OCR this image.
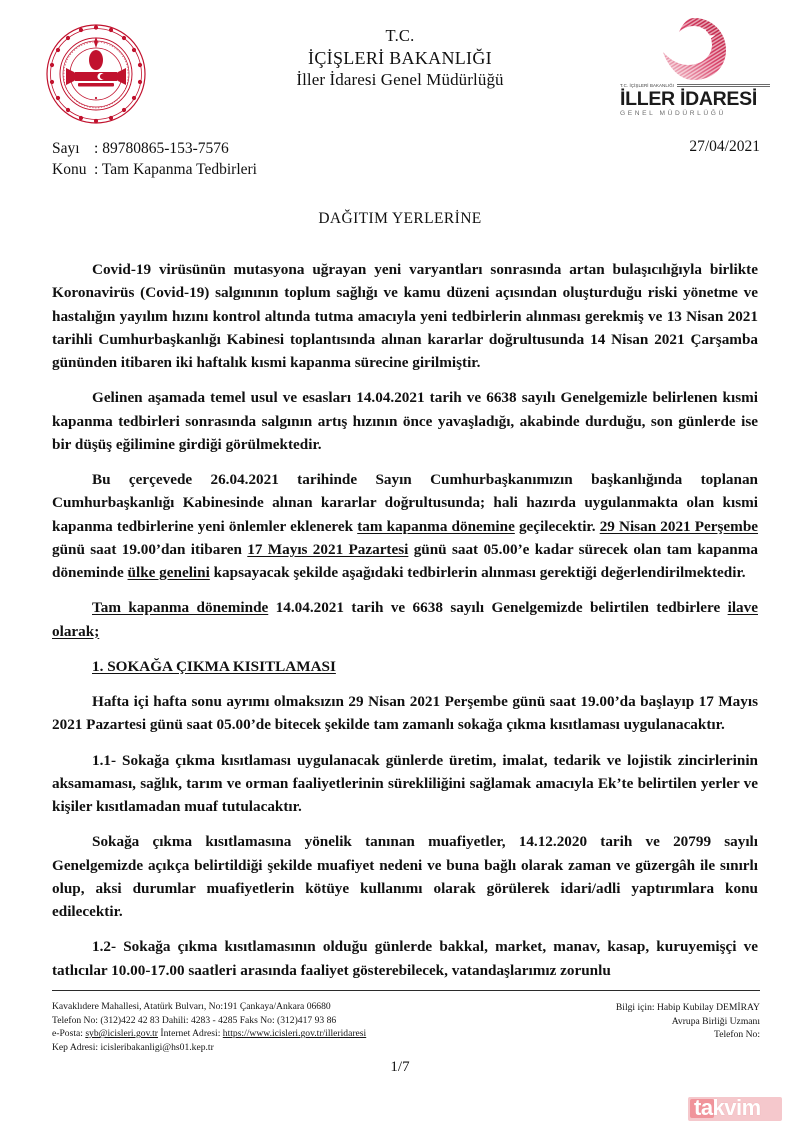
T.C.
İÇİŞLERİ BAKANLIĞI
İller İdaresi Genel Müdürlüğü	T.C. İÇİŞLERİ BAKANLIĞI
İLLER İDARESİ
GENEL MÜDÜRLÜĞÜ
Sayı : 89780865-153-7576
Konu : Tam Kapanma Tedbirleri
27/04/2021
DAĞITIM YERLERİNE

Covid-19 virüsünün mutasyona uğrayan yeni varyantları sonrasında artan bulaşıcılığıyla birlikte Koronavirüs (Covid-19) salgınının toplum sağlığı ve kamu düzeni açısından oluşturduğu riski yönetme ve hastalığın yayılım hızını kontrol altında tutma amacıyla yeni tedbirlerin alınması gerekmiş ve 13 Nisan 2021 tarihli Cumhurbaşkanlığı Kabinesi toplantısında alınan kararlar doğrultusunda 14 Nisan 2021 Çarşamba gününden itibaren iki haftalık kısmi kapanma sürecine girilmiştir.

Gelinen aşamada temel usul ve esasları 14.04.2021 tarih ve 6638 sayılı Genelgemizle belirlenen kısmi kapanma tedbirleri sonrasında salgının artış hızının önce yavaşladığı, akabinde durduğu, son günlerde ise bir düşüş eğilimine girdiği görülmektedir.

Bu çerçevede 26.04.2021 tarihinde Sayın Cumhurbaşkanımızın başkanlığında toplanan Cumhurbaşkanlığı Kabinesinde alınan kararlar doğrultusunda; hali hazırda uygulanmakta olan kısmi kapanma tedbirlerine yeni önlemler eklenerek tam kapanma dönemine geçilecektir. 29 Nisan 2021 Perşembe günü saat 19.00’dan itibaren 17 Mayıs 2021 Pazartesi günü saat 05.00’e kadar sürecek olan tam kapanma döneminde ülke genelini kapsayacak şekilde aşağıdaki tedbirlerin alınması gerektiği değerlendirilmektedir.

Tam kapanma döneminde 14.04.2021 tarih ve 6638 sayılı Genelgemizde belirtilen tedbirlere ilave olarak;

1. SOKAĞA ÇIKMA KISITLAMASI

Hafta içi hafta sonu ayrımı olmaksızın 29 Nisan 2021 Perşembe günü saat 19.00’da başlayıp 17 Mayıs 2021 Pazartesi günü saat 05.00’de bitecek şekilde tam zamanlı sokağa çıkma kısıtlaması uygulanacaktır.

1.1- Sokağa çıkma kısıtlaması uygulanacak günlerde üretim, imalat, tedarik ve lojistik zincirlerinin aksamaması, sağlık, tarım ve orman faaliyetlerinin sürekliliğini sağlamak amacıyla Ek’te belirtilen yerler ve kişiler kısıtlamadan muaf tutulacaktır.

Sokağa çıkma kısıtlamasına yönelik tanınan muafiyetler, 14.12.2020 tarih ve 20799 sayılı Genelgemizde açıkça belirtildiği şekilde muafiyet nedeni ve buna bağlı olarak zaman ve güzergâh ile sınırlı olup, aksi durumlar muafiyetlerin kötüye kullanımı olarak görülerek idari/adli yaptırımlara konu edilecektir.

1.2- Sokağa çıkma kısıtlamasının olduğu günlerde bakkal, market, manav, kasap, kuruyemişçi ve tatlıcılar 10.00-17.00 saatleri arasında faaliyet gösterebilecek, vatandaşlarımız zorunlu

Kavaklıdere Mahallesi, Atatürk Bulvarı, No:191 Çankaya/Ankara 06680
Telefon No: (312)422 42 83 Dahili: 4283 - 4285 Faks No: (312)417 93 86
e-Posta: syb@icisleri.gov.tr İnternet Adresi: https://www.icisleri.gov.tr/illeridaresi
Kep Adresi: icisleribakanligi@hs01.kep.tr
Bilgi için: Habip Kubilay DEMİRAY
Avrupa Birliği Uzmanı
Telefon No:
1/7
takvim
.com.tr
